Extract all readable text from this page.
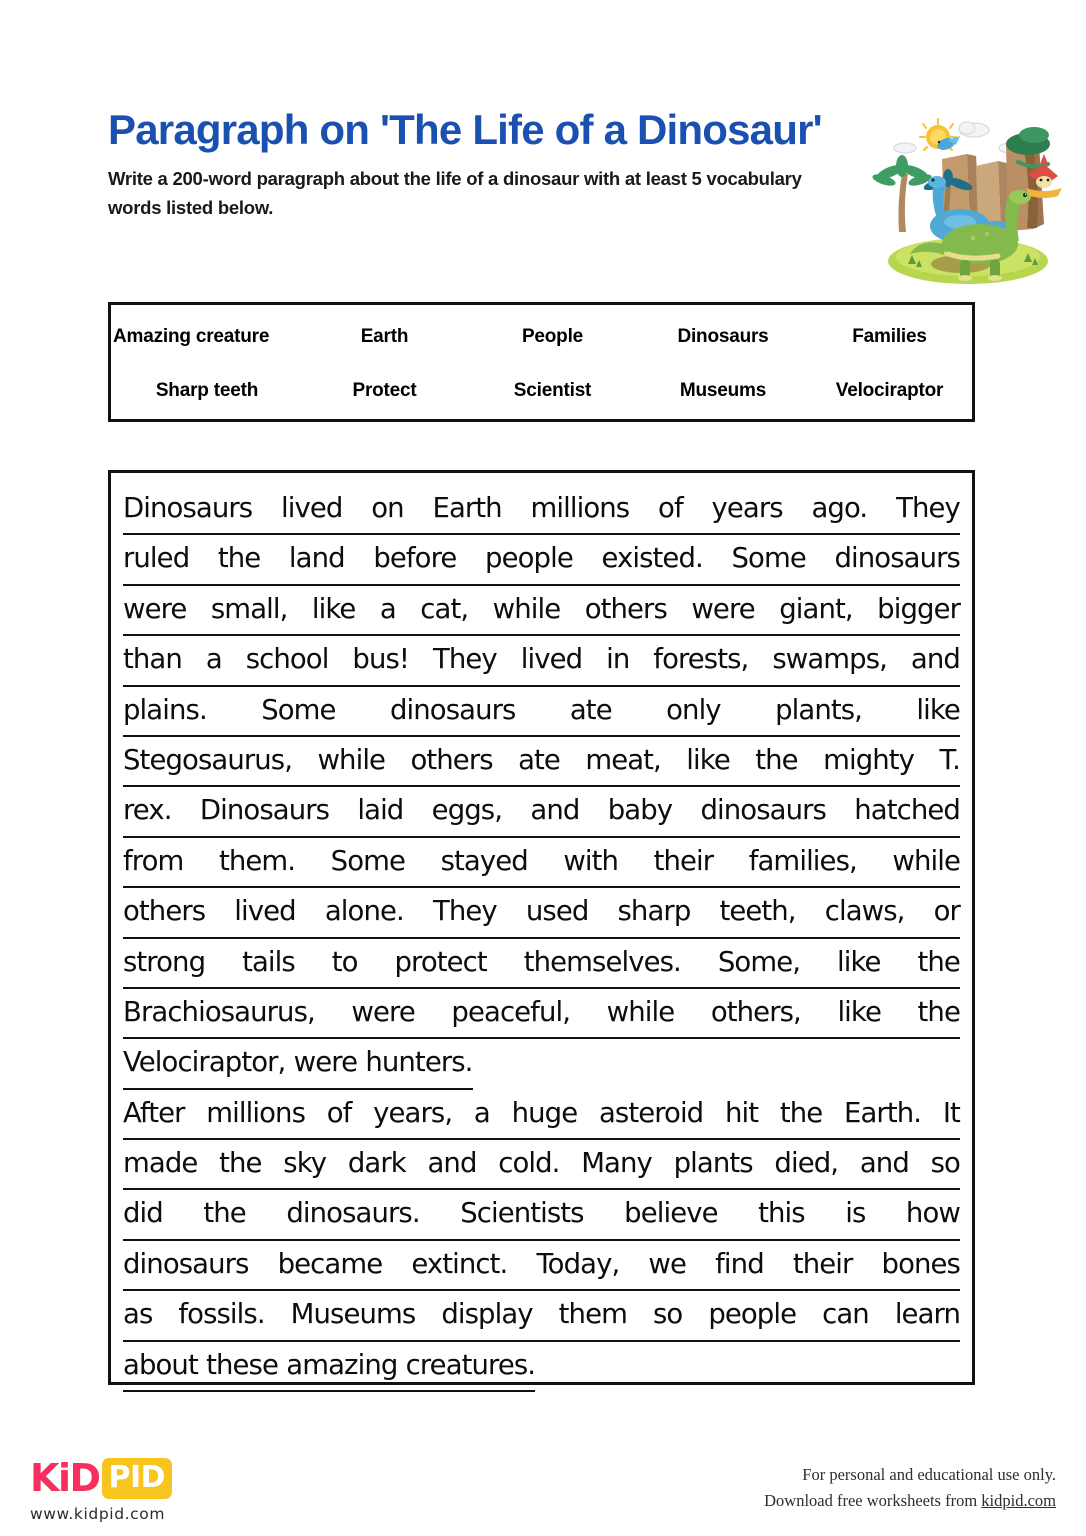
Paragraph on 'The Life of a Dinosaur'
Write a 200-word paragraph about the life of a dinosaur with at least 5 vocabulary words listed below.
Amazing creature	Earth	People	Dinosaurs	Families
Sharp teeth	Protect	Scientist	Museums	Velociraptor
Dinosaurs lived on Earth millions of years ago. They
ruled the land before people existed. Some dinosaurs
were small, like a cat, while others were giant, bigger
than a school bus! They lived in forests, swamps, and
plains. Some dinosaurs ate only plants, like
Stegosaurus, while others ate meat, like the mighty T.
rex. Dinosaurs laid eggs, and baby dinosaurs hatched
from them. Some stayed with their families, while
others lived alone. They used sharp teeth, claws, or
strong tails to protect themselves. Some, like the
Brachiosaurus, were peaceful, while others, like the
Velociraptor, were hunters.
After millions of years, a huge asteroid hit the Earth. It
made the sky dark and cold. Many plants died, and so
did the dinosaurs. Scientists believe this is how
dinosaurs became extinct. Today, we find their bones
as fossils. Museums display them so people can learn
about these amazing creatures.
KiD PID
www.kidpid.com
For personal and educational use only.
Download free worksheets from kidpid.com
